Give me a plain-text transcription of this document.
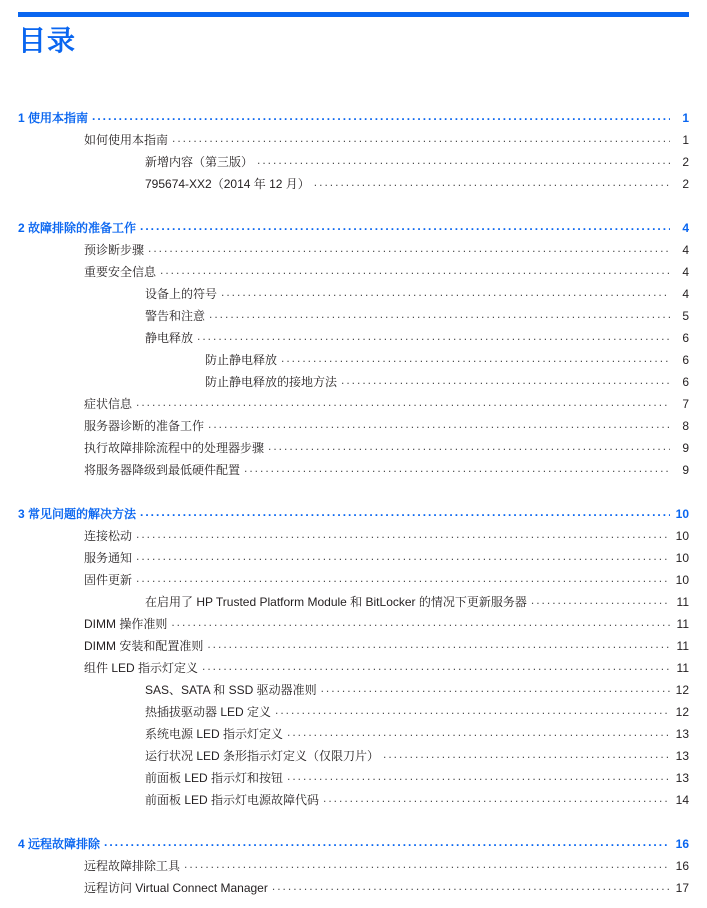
目录
1 使用本指南 .....	1
如何使用本指南 .....	1
新增内容（第三版） .....	2
795674-XX2（2014 年 12 月） .....	2
2 故障排除的准备工作 .....	4
预诊断步骤 .....	4
重要安全信息 .....	4
设备上的符号 .....	4
警告和注意 .....	5
静电释放 .....	6
防止静电释放 .....	6
防止静电释放的接地方法 .....	6
症状信息 .....	7
服务器诊断的准备工作 .....	8
执行故障排除流程中的处理器步骤 .....	9
将服务器降级到最低硬件配置 .....	9
3 常见问题的解决方法 .....	10
连接松动 .....	10
服务通知 .....	10
固件更新 .....	10
在启用了 HP Trusted Platform Module 和 BitLocker 的情况下更新服务器 .....	11
DIMM 操作准则 .....	11
DIMM 安装和配置准则 .....	11
组件 LED 指示灯定义 .....	11
SAS、SATA 和 SSD 驱动器准则 .....	12
热插拔驱动器 LED 定义 .....	12
系统电源 LED 指示灯定义 .....	13
运行状况 LED 条形指示灯定义（仅限刀片） .....	13
前面板 LED 指示灯和按钮 .....	13
前面板 LED 指示灯电源故障代码 .....	14
4 远程故障排除 .....	16
远程故障排除工具 .....	16
远程访问 Virtual Connect Manager .....	17
